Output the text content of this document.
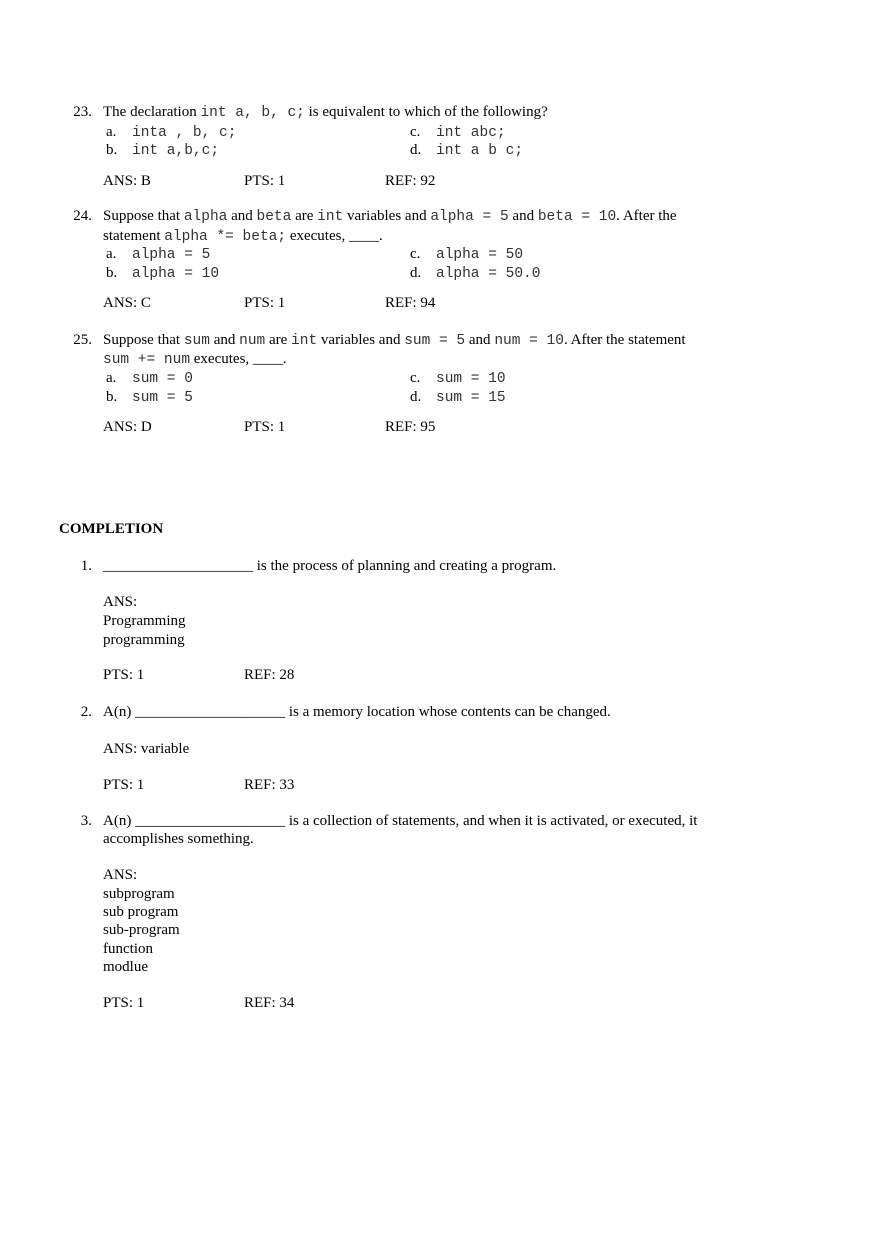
23. The declaration int a, b, c; is equivalent to which of the following?
a.	inta , b, c;	c.	int abc;
b.	int a,b,c;	d.	int a b c;
ANS: B	PTS: 1	REF: 92
24. Suppose that alpha and beta are int variables and alpha = 5 and beta = 10. After the
statement alpha *= beta; executes, ____.
a.	alpha = 5	c.	alpha = 50
b.	alpha = 10	d.	alpha = 50.0
ANS: C	PTS: 1	REF: 94
25. Suppose that sum and num are int variables and sum = 5 and num = 10. After the statement
sum += num executes, ____.
a.	sum = 0	c.	sum = 10
b.	sum = 5	d.	sum = 15
ANS: D	PTS: 1	REF: 95
COMPLETION
1. ____________________ is the process of planning and creating a program.
ANS:
Programming
programming
PTS: 1	REF: 28
2. A(n) ____________________ is a memory location whose contents can be changed.
ANS: variable
PTS: 1	REF: 33
3. A(n) ____________________ is a collection of statements, and when it is activated, or executed, it
accomplishes something.
ANS:
subprogram
sub program
sub-program
function
modlue
PTS: 1	REF: 34
